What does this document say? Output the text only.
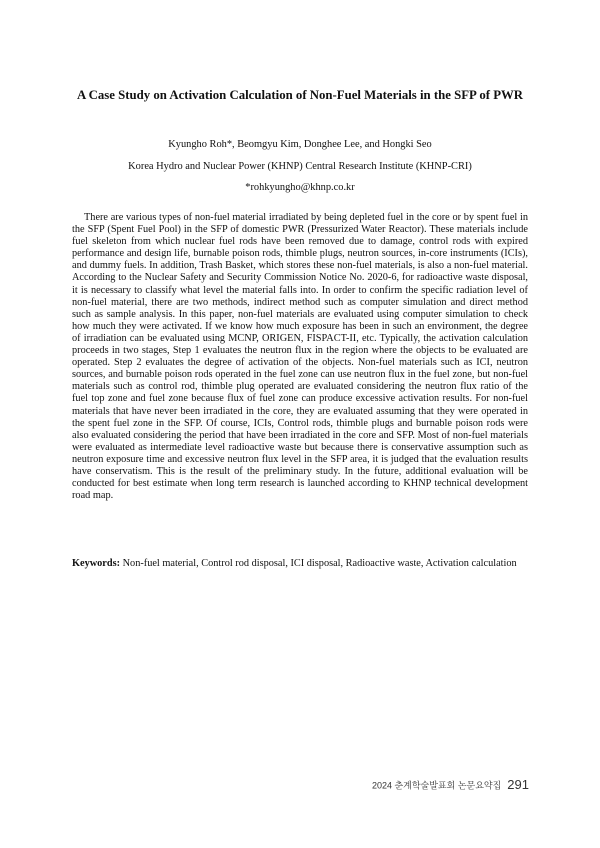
A Case Study on Activation Calculation of Non-Fuel Materials in the SFP of PWR

Kyungho Roh*, Beomgyu Kim, Donghee Lee, and Hongki Seo

Korea Hydro and Nuclear Power (KHNP) Central Research Institute (KHNP-CRI)

*rohkyungho@khnp.co.kr

There are various types of non-fuel material irradiated by being depleted fuel in the core or by spent fuel in the SFP (Spent Fuel Pool) in the SFP of domestic PWR (Pressurized Water Reactor). These materials include fuel skeleton from which nuclear fuel rods have been removed due to damage, control rods with expired performance and design life, burnable poison rods, thimble plugs, neutron sources, in-core instruments (ICIs), and dummy fuels. In addition, Trash Basket, which stores these non-fuel materials, is also a non-fuel material. According to the Nuclear Safety and Security Commission Notice No. 2020-6, for radioactive waste disposal, it is necessary to classify what level the material falls into. In order to confirm the specific radiation level of non-fuel material, there are two methods, indirect method such as computer simulation and direct method such as sample analysis. In this paper, non-fuel materials are evaluated using computer simulation to check how much they were activated. If we know how much exposure has been in such an environment, the degree of irradiation can be evaluated using MCNP, ORIGEN, FISPACT-II, etc. Typically, the activation calculation proceeds in two stages, Step 1 evaluates the neutron flux in the region where the objects to be evaluated are operated. Step 2 evaluates the degree of activation of the objects. Non-fuel materials such as ICI, neutron sources, and burnable poison rods operated in the fuel zone can use neutron flux in the fuel zone, but non-fuel materials such as control rod, thimble plug operated are evaluated considering the neutron flux ratio of the fuel top zone and fuel zone because flux of fuel zone can produce excessive activation results. For non-fuel materials that have never been irradiated in the core, they are evaluated assuming that they were operated in the spent fuel zone in the SFP. Of course, ICIs, Control rods, thimble plugs and burnable poison rods were also evaluated considering the period that have been irradiated in the core and SFP. Most of non-fuel materials were evaluated as intermediate level radioactive waste but because there is conservative assumption such as neutron exposure time and excessive neutron flux level in the SFP area, it is judged that the evaluation results have conservatism. This is the result of the preliminary study. In the future, additional evaluation will be conducted for best estimate when long term research is launched according to KHNP technical development road map.

Keywords: Non-fuel material, Control rod disposal, ICI disposal, Radioactive waste, Activation calculation

2024 춘계학술발표회 논문요약집 291
